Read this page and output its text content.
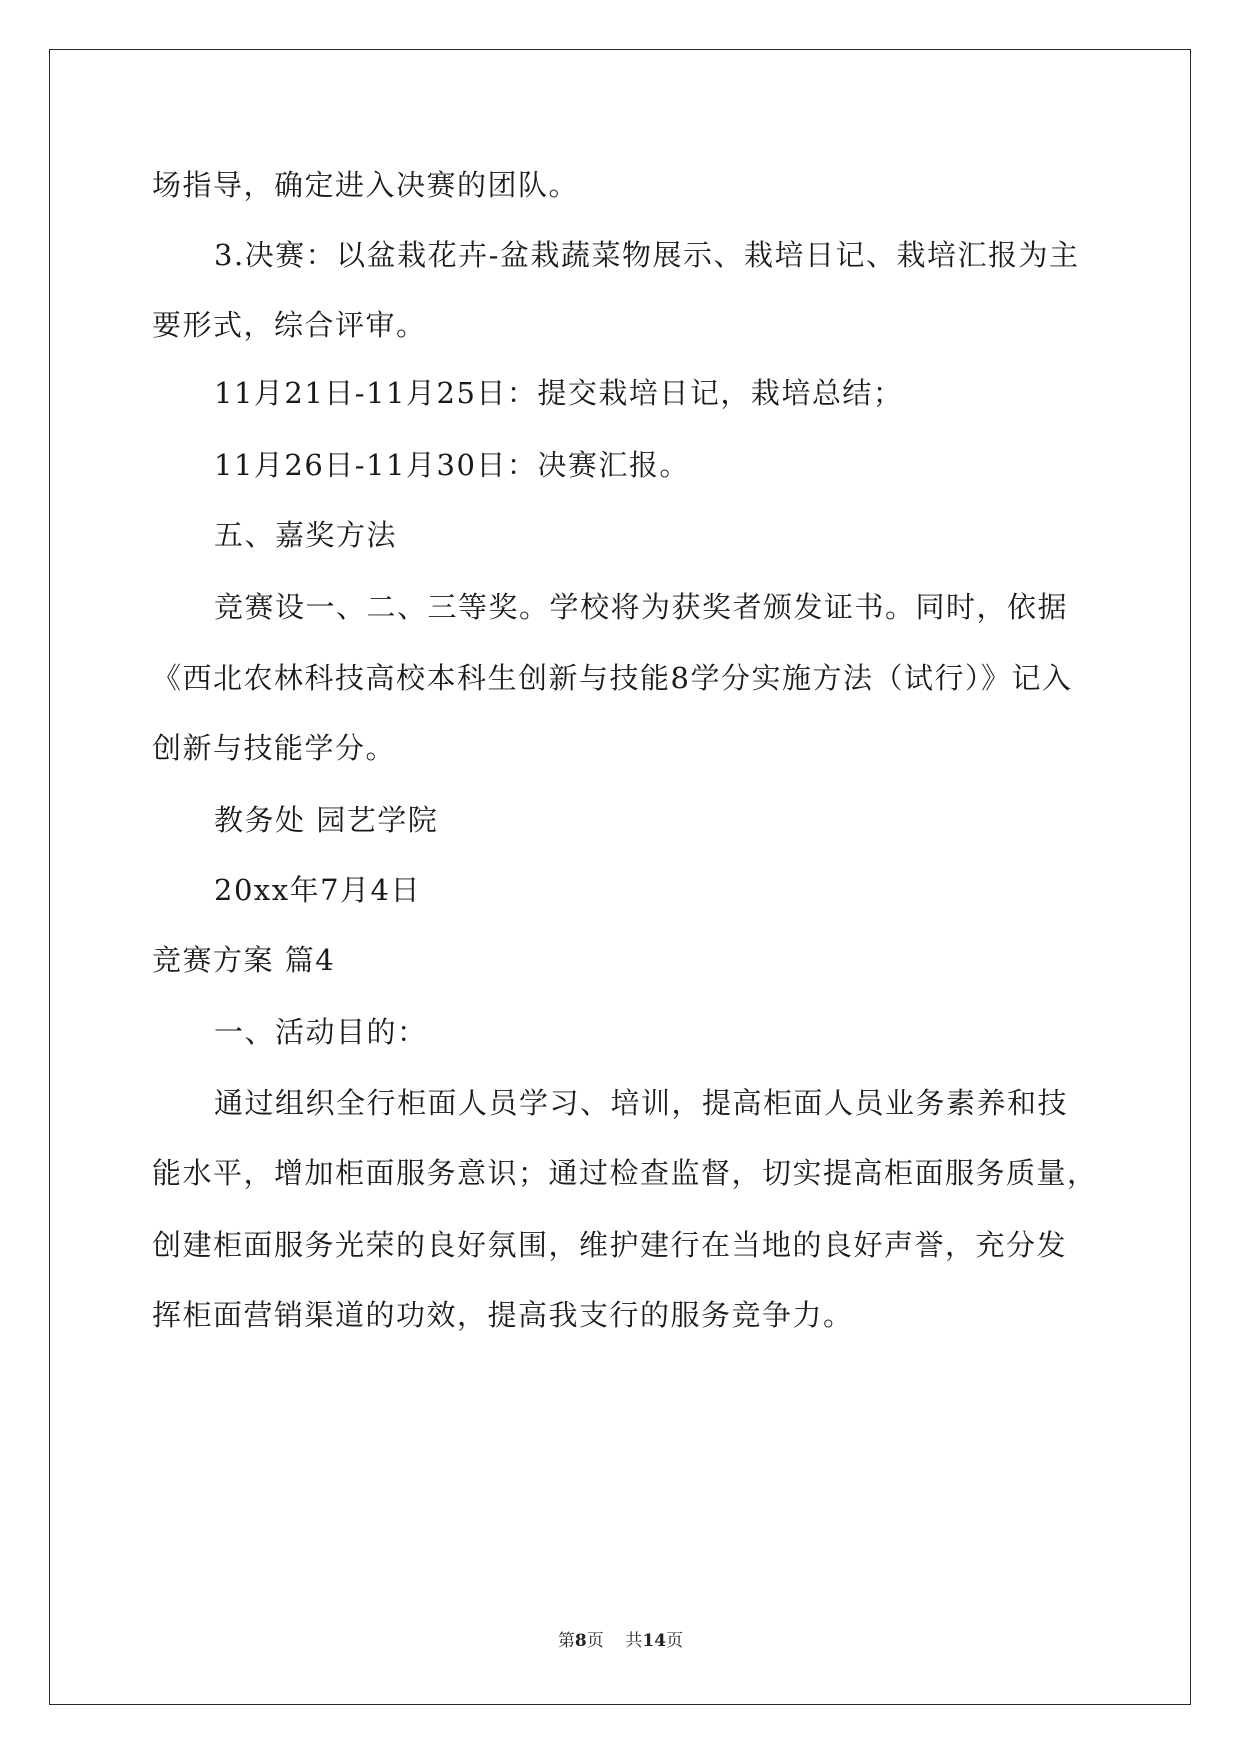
场指导，确定进入决赛的团队。
3.决赛：以盆栽花卉-盆栽蔬菜物展示、栽培日记、栽培汇报为主
要形式，综合评审。
11月21日-11月25日：提交栽培日记，栽培总结；
11月26日-11月30日：决赛汇报。
五、嘉奖方法
竞赛设一、二、三等奖。学校将为获奖者颁发证书。同时，依据
《西北农林科技高校本科生创新与技能8学分实施方法（试行）》记入
创新与技能学分。
教务处 园艺学院
20xx年7月4日
竞赛方案 篇4
一、活动目的：
通过组织全行柜面人员学习、培训，提高柜面人员业务素养和技
能水平，增加柜面服务意识；通过检查监督，切实提高柜面服务质量，
创建柜面服务光荣的良好氛围，维护建行在当地的良好声誉，充分发
挥柜面营销渠道的功效，提高我支行的服务竞争力。
第8页 共14页
